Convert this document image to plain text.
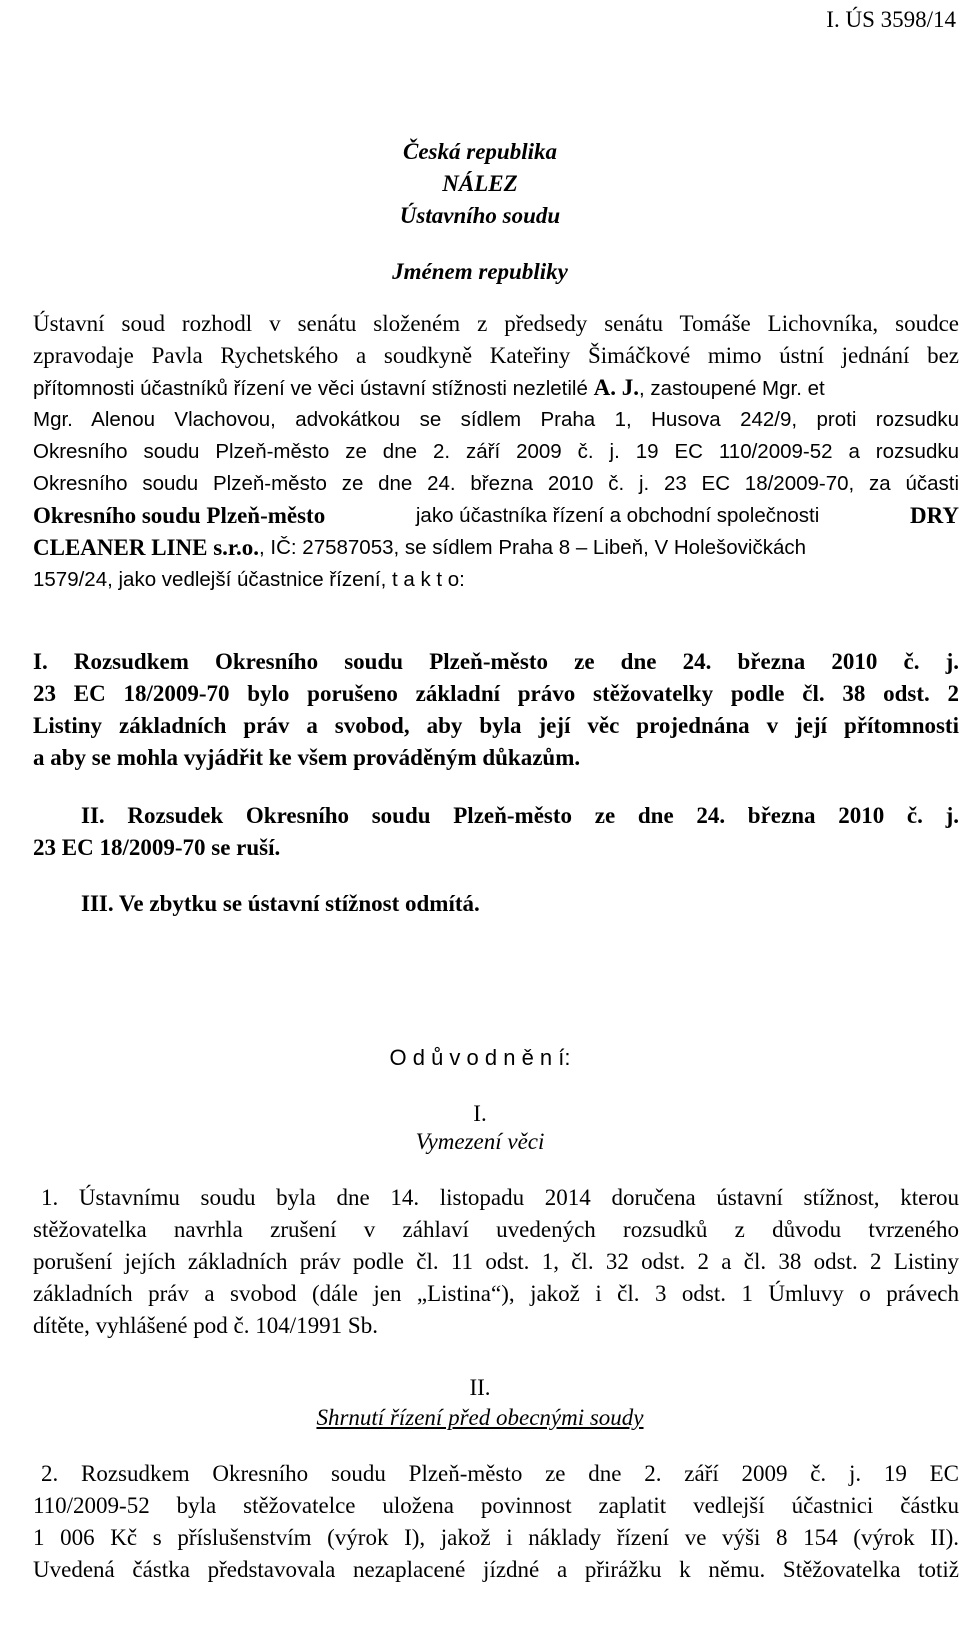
I. ÚS 3598/14
Česká republika
NÁLEZ
Ústavního soudu
Jménem republiky
Ústavní soud rozhodl v senátu složeném z předsedy senátu Tomáše Lichovníka, soudce
zpravodaje Pavla Rychetského a soudkyně Kateřiny Šimáčkové mimo ústní jednání bez
přítomnosti účastníků řízení ve věci ústavní stížnosti nezletilé A. J., zastoupené Mgr. et
Mgr. Alenou Vlachovou, advokátkou se sídlem Praha 1, Husova 242/9, proti rozsudku
Okresního soudu Plzeň-město ze dne 2. září 2009 č. j. 19 EC 110/2009-52 a rozsudku
Okresního soudu Plzeň-město ze dne 24. března 2010 č. j. 23 EC 18/2009-70, za účasti
Okresního soudu Plzeň-město	jako účastníka řízení a obchodní společnosti	DRY
CLEANER LINE s.r.o. , IČ: 27587053, se sídlem Praha 8 – Libeň, V Holešovičkách
1579/24, jako vedlejší účastnice řízení, t a k t o:
I. Rozsudkem Okresního soudu Plzeň-město ze dne 24. března 2010 č. j.
23 EC 18/2009-70 bylo porušeno základní právo stěžovatelky podle čl. 38 odst. 2
Listiny základních práv a svobod, aby byla její věc projednána v její přítomnosti
a aby se mohla vyjádřit ke všem prováděným důkazům.
II. Rozsudek Okresního soudu Plzeň-město ze dne 24. března 2010 č. j.
23 EC 18/2009-70 se ruší.
III. Ve zbytku se ústavní stížnost odmítá.
O d ů v o d n ě n í:
I.
Vymezení věci
1. Ústavnímu soudu byla dne 14. listopadu 2014 doručena ústavní stížnost, kterou
stěžovatelka navrhla zrušení v záhlaví uvedených rozsudků z důvodu tvrzeného
porušení jejích základních práv podle čl. 11 odst. 1, čl. 32 odst. 2 a čl. 38 odst. 2 Listiny
základních práv a svobod (dále jen „Listina“), jakož i čl. 3 odst. 1 Úmluvy o právech
dítěte, vyhlášené pod č. 104/1991 Sb.
II.
Shrnutí řízení před obecnými soudy
2. Rozsudkem Okresního soudu Plzeň-město ze dne 2. září 2009 č. j. 19 EC
110/2009-52 byla stěžovatelce uložena povinnost zaplatit vedlejší účastnici částku
1 006 Kč s příslušenstvím (výrok I), jakož i náklady řízení ve výši 8 154 (výrok II).
Uvedená částka představovala nezaplacené jízdné a přirážku k němu. Stěžovatelka totiž
